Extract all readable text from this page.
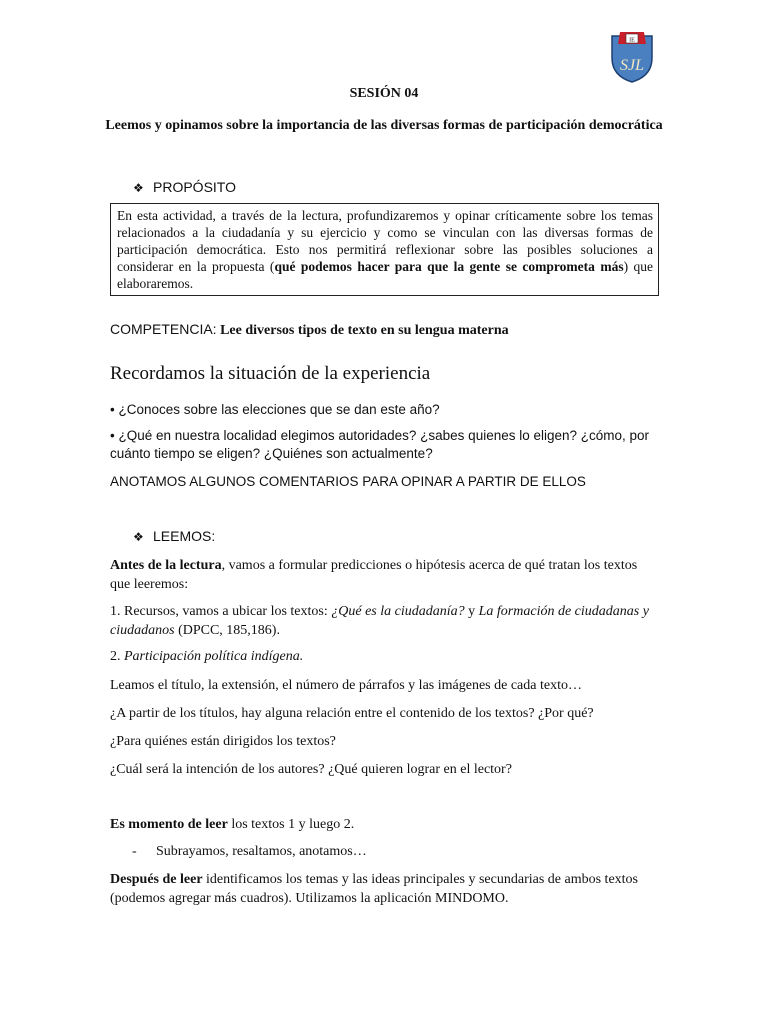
IE
SJL
SESIÓN 04
Leemos y opinamos sobre la importancia de las diversas formas de participación democrática
❖ PROPÓSITO
En esta actividad, a través de la lectura, profundizaremos y opinar críticamente sobre los temas relacionados a la ciudadanía y su ejercicio y como se vinculan con las diversas formas de participación democrática. Esto nos permitirá reflexionar sobre las posibles soluciones a considerar en la propuesta (qué podemos hacer para que la gente se comprometa más) que elaboraremos.
COMPETENCIA: Lee diversos tipos de texto en su lengua materna
Recordamos la situación de la experiencia
• ¿Conoces sobre las elecciones que se dan este año?
• ¿Qué en nuestra localidad elegimos autoridades? ¿sabes quienes lo eligen? ¿cómo, por cuánto tiempo se eligen? ¿Quiénes son actualmente?
ANOTAMOS ALGUNOS COMENTARIOS PARA OPINAR A PARTIR DE ELLOS
❖ LEEMOS:
Antes de la lectura, vamos a formular predicciones o hipótesis acerca de qué tratan los textos que leeremos:
1. Recursos, vamos a ubicar los textos: ¿Qué es la ciudadanía? y La formación de ciudadanas y ciudadanos (DPCC, 185,186).
2. Participación política indígena.
Leamos el título, la extensión, el número de párrafos y las imágenes de cada texto…
¿A partir de los títulos, hay alguna relación entre el contenido de los textos? ¿Por qué?
¿Para quiénes están dirigidos los textos?
¿Cuál será la intención de los autores? ¿Qué quieren lograr en el lector?
Es momento de leer los textos 1 y luego 2.
- Subrayamos, resaltamos, anotamos…
Después de leer identificamos los temas y las ideas principales y secundarias de ambos textos (podemos agregar más cuadros). Utilizamos la aplicación MINDOMO.
